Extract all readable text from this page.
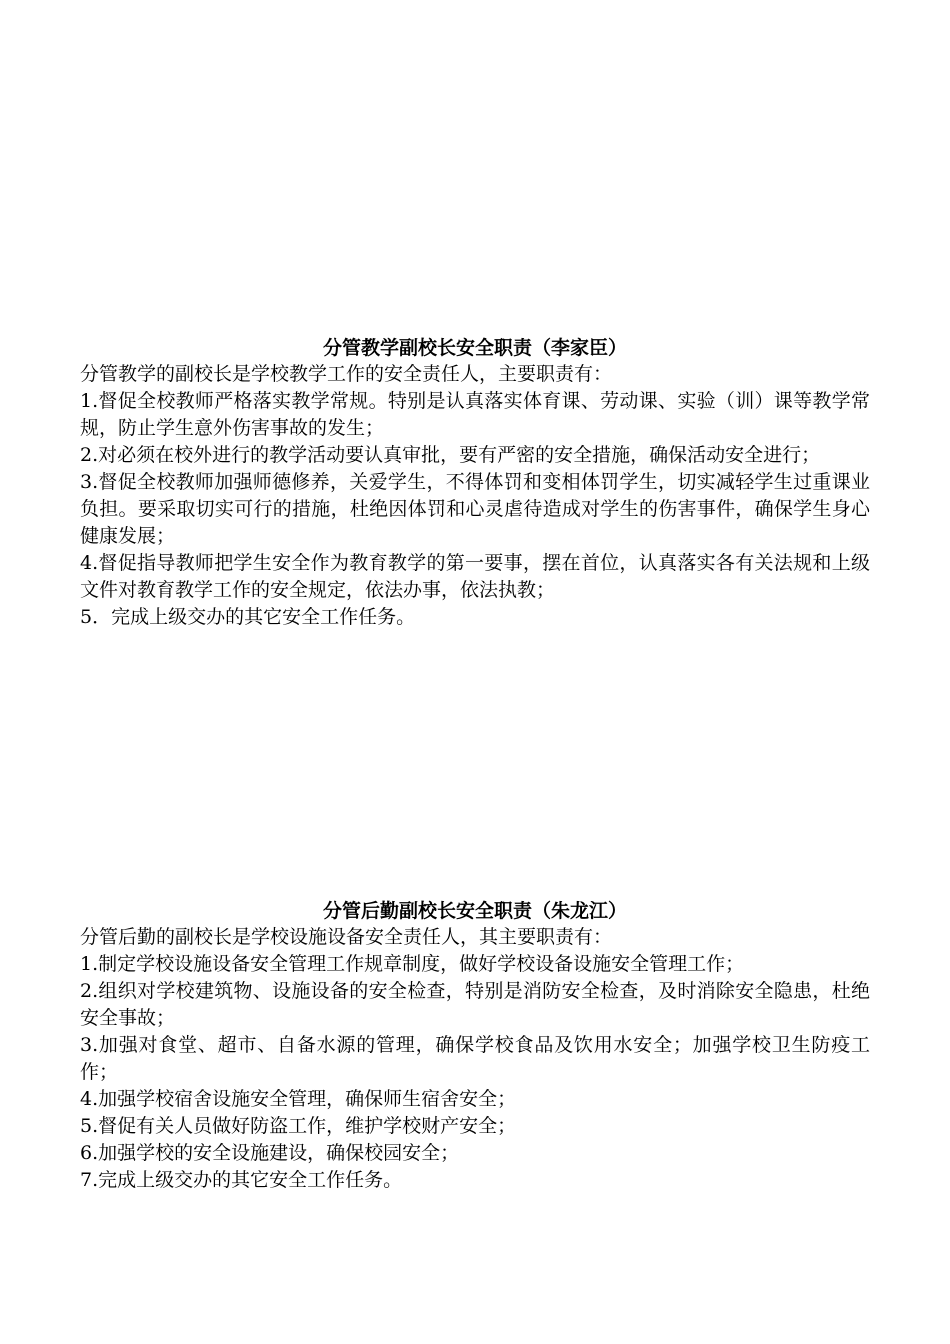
分管教学副校长安全职责（李家臣）

分管教学的副校长是学校教学工作的安全责任人，主要职责有：

1.督促全校教师严格落实教学常规。特别是认真落实体育课、劳动课、实验（训）课等教学常规，防止学生意外伤害事故的发生；

2.对必须在校外进行的教学活动要认真审批，要有严密的安全措施，确保活动安全进行；

3.督促全校教师加强师德修养，关爱学生，不得体罚和变相体罚学生，切实减轻学生过重课业负担。要采取切实可行的措施，杜绝因体罚和心灵虐待造成对学生的伤害事件，确保学生身心健康发展；

4.督促指导教师把学生安全作为教育教学的第一要事，摆在首位，认真落实各有关法规和上级文件对教育教学工作的安全规定，依法办事，依法执教；

5．完成上级交办的其它安全工作任务。

分管后勤副校长安全职责（朱龙江）

分管后勤的副校长是学校设施设备安全责任人，其主要职责有：

1.制定学校设施设备安全管理工作规章制度，做好学校设备设施安全管理工作；

2.组织对学校建筑物、设施设备的安全检查，特别是消防安全检查，及时消除安全隐患，杜绝安全事故；

3.加强对食堂、超市、自备水源的管理，确保学校食品及饮用水安全；加强学校卫生防疫工作；

4.加强学校宿舍设施安全管理，确保师生宿舍安全；

5.督促有关人员做好防盗工作，维护学校财产安全；

6.加强学校的安全设施建设，确保校园安全；

7.完成上级交办的其它安全工作任务。
